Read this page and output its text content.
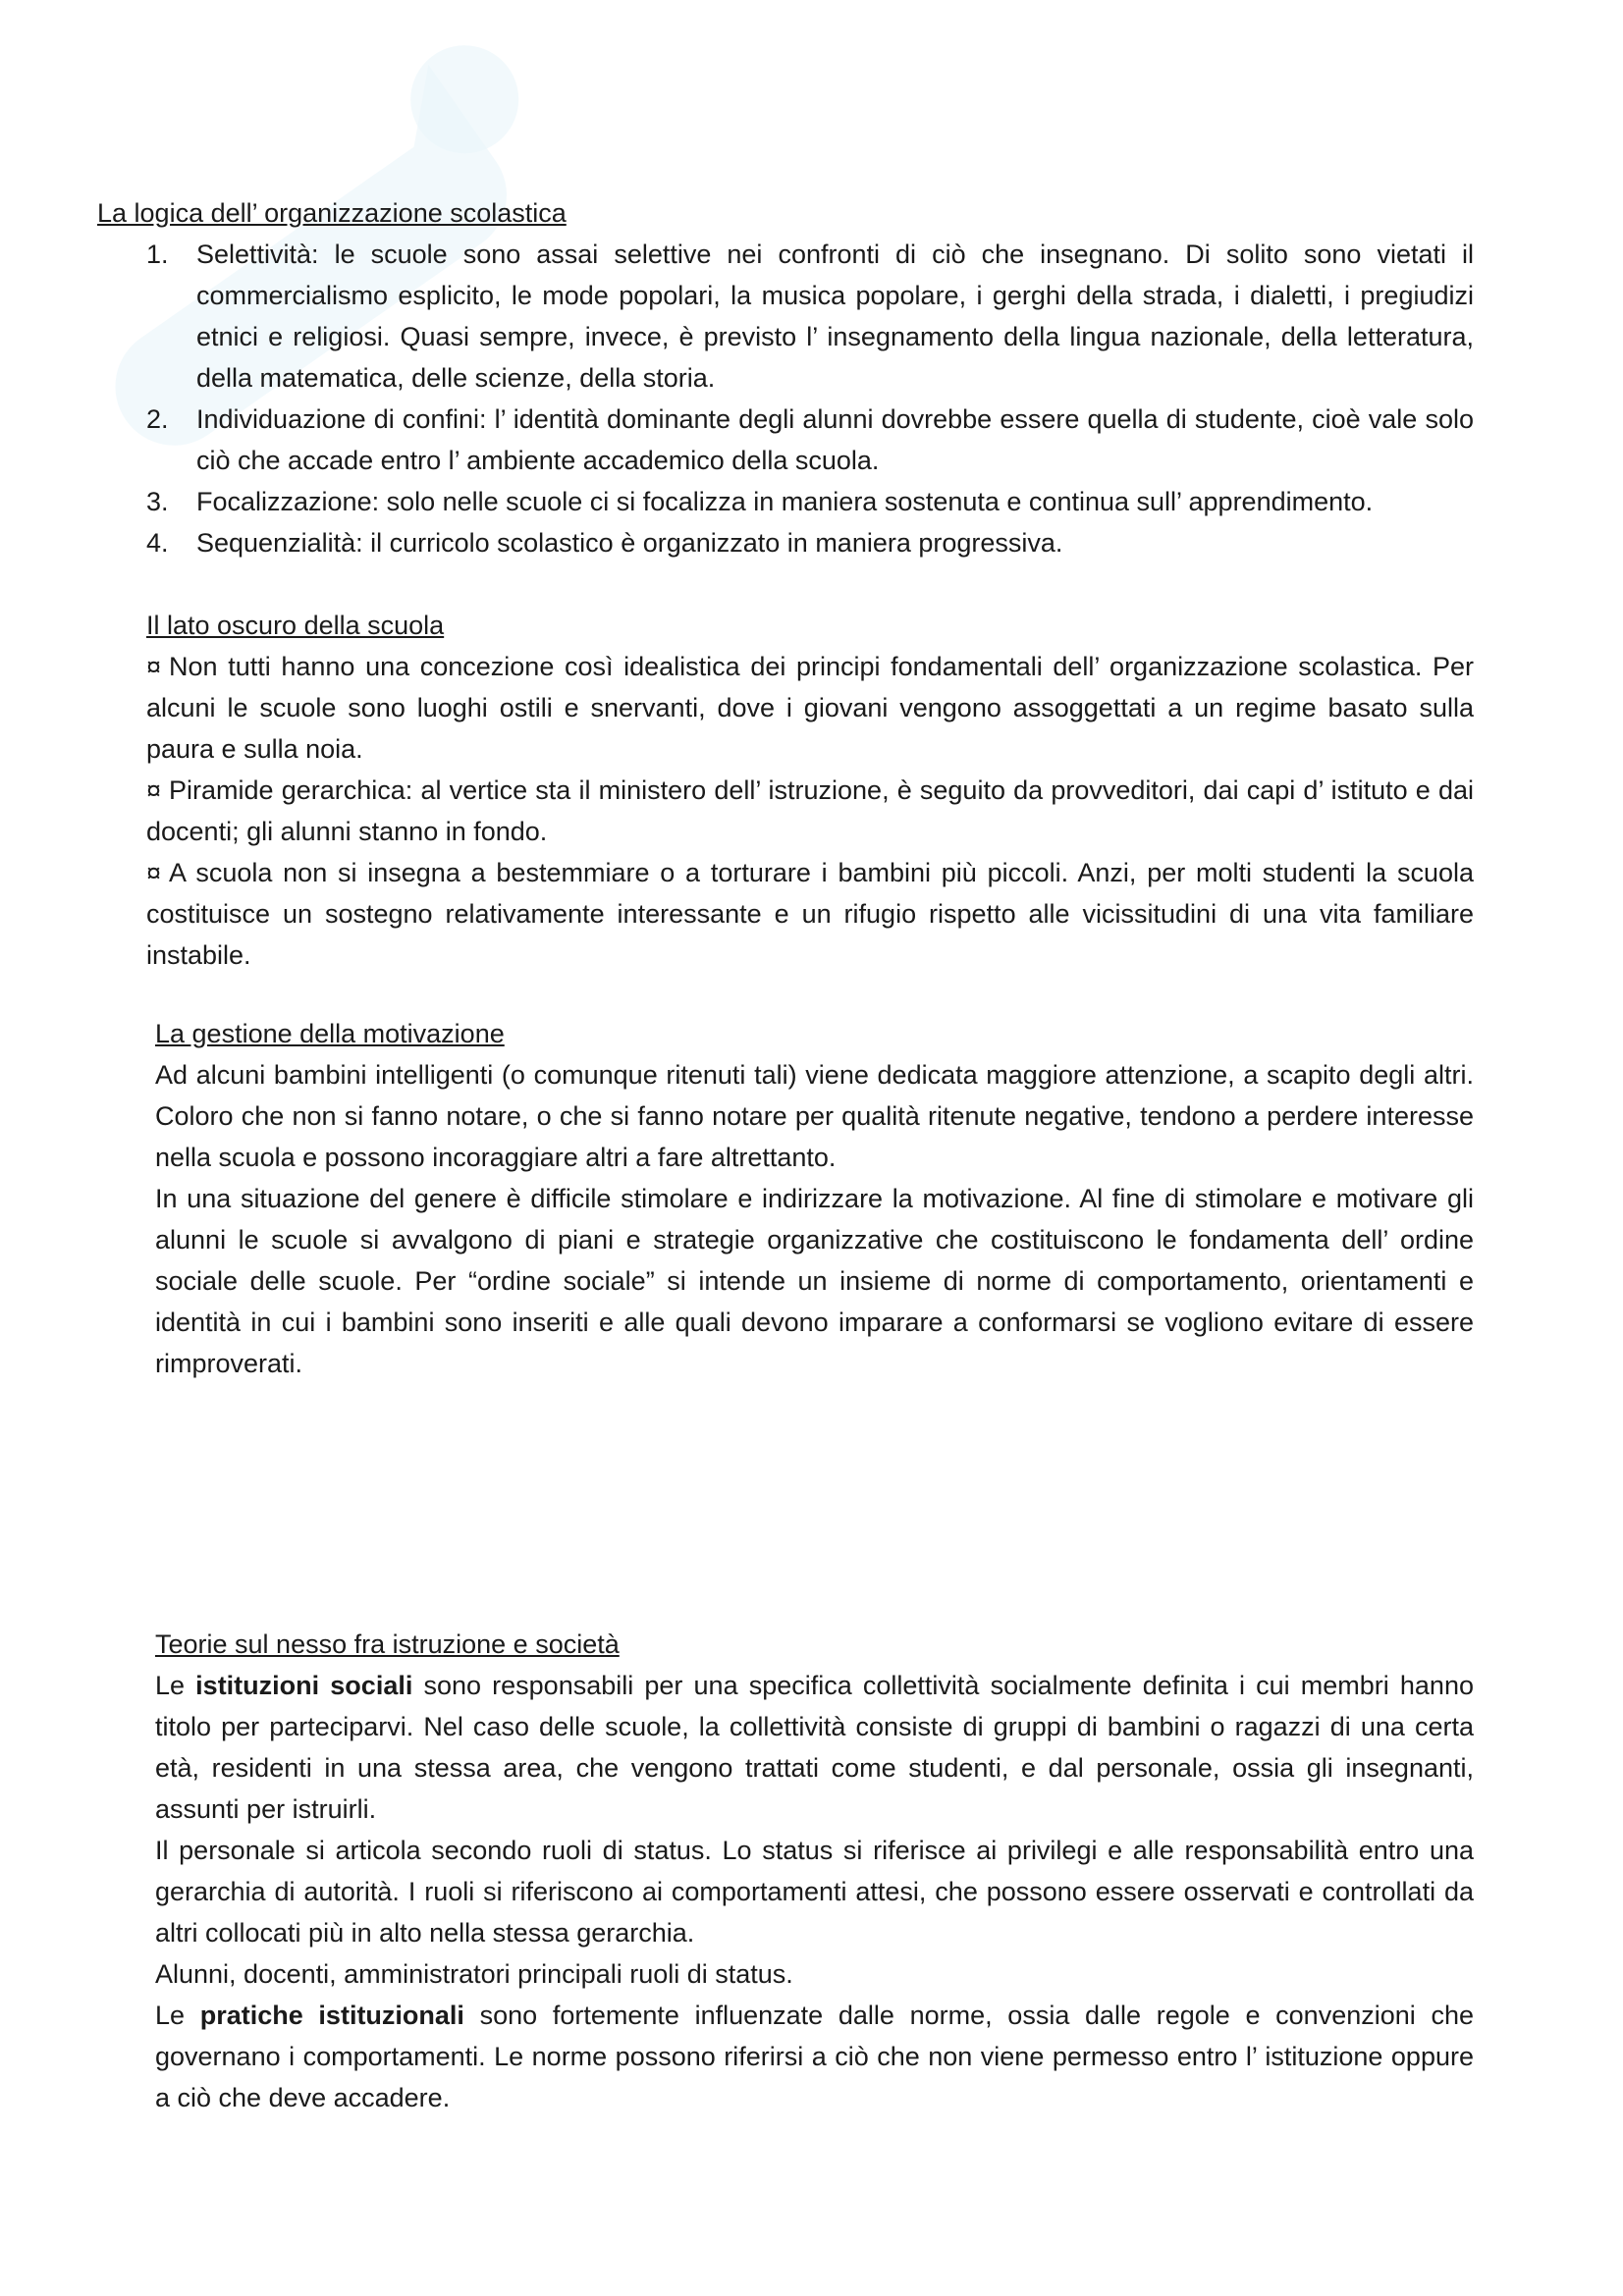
La logica dell’ organizzazione scolastica
1. Selettività: le scuole sono assai selettive nei confronti di ciò che insegnano. Di solito sono vietati il commercialismo esplicito, le mode popolari, la musica popolare, i gerghi della strada, i dialetti, i pregiudizi etnici e religiosi. Quasi sempre, invece, è previsto l’ insegnamento della lingua nazionale, della letteratura, della matematica, delle scienze, della storia.
2. Individuazione di confini: l’ identità dominante degli alunni dovrebbe essere quella di studente, cioè vale solo ciò che accade entro l’ ambiente accademico della scuola.
3. Focalizzazione: solo nelle scuole ci si focalizza in maniera sostenuta e continua sull’ apprendimento.
4. Sequenzialità: il curricolo scolastico è organizzato in maniera progressiva.
Il lato oscuro della scuola

¤ Non tutti hanno una concezione così idealistica dei principi fondamentali dell’ organizzazione scolastica. Per alcuni le scuole sono luoghi ostili e snervanti, dove i giovani vengono assoggettati a un regime basato sulla paura e sulla noia.

¤ Piramide gerarchica: al vertice sta il ministero dell’ istruzione, è seguito da provveditori, dai capi d’ istituto e dai docenti; gli alunni stanno in fondo.

¤ A scuola non si insegna a bestemmiare o a torturare i bambini più piccoli. Anzi, per molti studenti la scuola costituisce un sostegno relativamente interessante e un rifugio rispetto alle vicissitudini di una vita familiare instabile.

La gestione della motivazione

Ad alcuni bambini intelligenti (o comunque ritenuti tali) viene dedicata maggiore attenzione, a scapito degli altri. Coloro che non si fanno notare, o che si fanno notare per qualità ritenute negative, tendono a perdere interesse nella scuola e possono incoraggiare altri a fare altrettanto.

In una situazione del genere è difficile stimolare e indirizzare la motivazione. Al fine di stimolare e motivare gli alunni le scuole si avvalgono di piani e strategie organizzative che costituiscono le fondamenta dell’ ordine sociale delle scuole. Per “ordine sociale” si intende un insieme di norme di comportamento, orientamenti e identità in cui i bambini sono inseriti e alle quali devono imparare a conformarsi se vogliono evitare di essere rimproverati.

Teorie sul nesso fra istruzione e società

Le istituzioni sociali sono responsabili per una specifica collettività socialmente definita i cui membri hanno titolo per parteciparvi. Nel caso delle scuole, la collettività consiste di gruppi di bambini o ragazzi di una certa età, residenti in una stessa area, che vengono trattati come studenti, e dal personale, ossia gli insegnanti, assunti per istruirli.

Il personale si articola secondo ruoli di status. Lo status si riferisce ai privilegi e alle responsabilità entro una gerarchia di autorità. I ruoli si riferiscono ai comportamenti attesi, che possono essere osservati e controllati da altri collocati più in alto nella stessa gerarchia.

Alunni, docenti, amministratori principali ruoli di status.

Le pratiche istituzionali sono fortemente influenzate dalle norme, ossia dalle regole e convenzioni che governano i comportamenti. Le norme possono riferirsi a ciò che non viene permesso entro l’ istituzione oppure a ciò che deve accadere.
